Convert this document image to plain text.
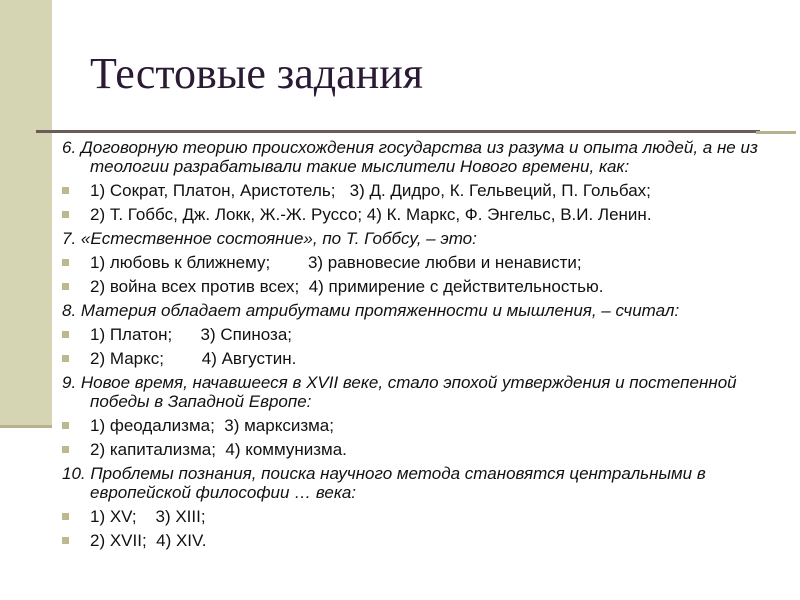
Тестовые задания

6. Договорную теорию происхождения государства из разума и опыта людей, а не из теологии разрабатывали такие мыслители Нового времени, как:

1) Сократ, Платон, Аристотель;   3) Д. Дидро, К. Гельвеций, П. Гольбах;

2) Т. Гоббс, Дж. Локк, Ж.-Ж. Руссо; 4) К. Маркс, Ф. Энгельс, В.И. Ленин.

7. «Естественное состояние», по Т. Гоббсу, – это:

1) любовь к ближнему;        3) равновесие любви и ненависти;

2) война всех против всех;  4) примирение с действительностью.

8. Материя обладает атрибутами протяженности и мышления, – считал:

1) Платон;      3) Спиноза;

2) Маркс;        4) Августин.

9. Новое время, начавшееся в XVII веке, стало эпохой утверждения и постепенной победы в Западной Европе:

1) феодализма;  3) марксизма;

2) капитализма;  4) коммунизма.

10. Проблемы познания, поиска научного метода становятся центральными в европейской философии … века:

1) XV;    3) XIII;

2) XVII;  4) XIV.
